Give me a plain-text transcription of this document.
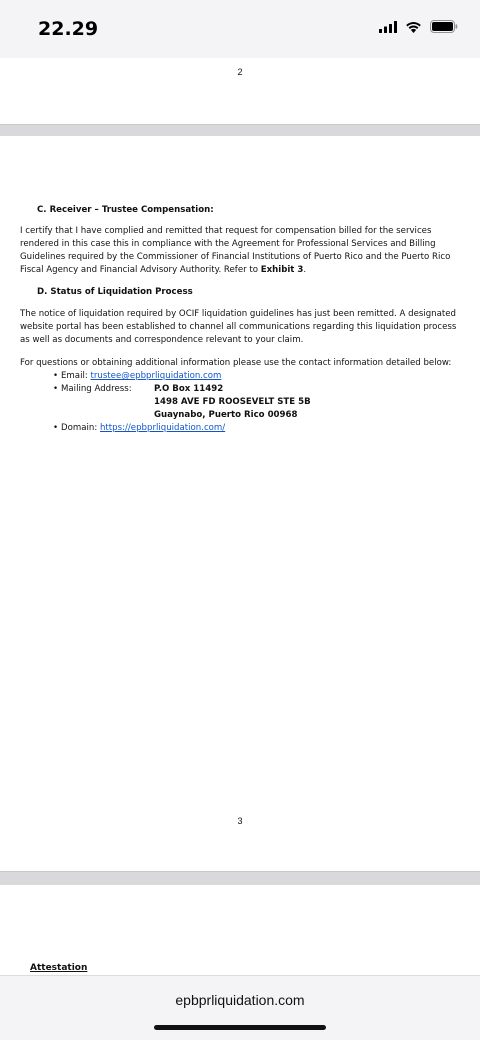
22.29
2
C. Receiver – Trustee Compensation:

I certify that I have complied and remitted that request for compensation billed for the services rendered in this case this in compliance with the Agreement for Professional Services and Billing Guidelines required by the Commissioner of Financial Institutions of Puerto Rico and the Puerto Rico Fiscal Agency and Financial Advisory Authority. Refer to Exhibit 3.

D. Status of Liquidation Process

The notice of liquidation required by OCIF liquidation guidelines has just been remitted. A designated website portal has been established to channel all communications regarding this liquidation process as well as documents and correspondence relevant to your claim.

For questions or obtaining additional information please use the contact information detailed below:

• Email: trustee@epbprliquidation.com
• Mailing Address:	P.O Box 11492
1498 AVE FD ROOSEVELT STE 5B
Guaynabo, Puerto Rico 00968
• Domain: https://epbprliquidation.com/
3
Attestation
epbprliquidation.com
